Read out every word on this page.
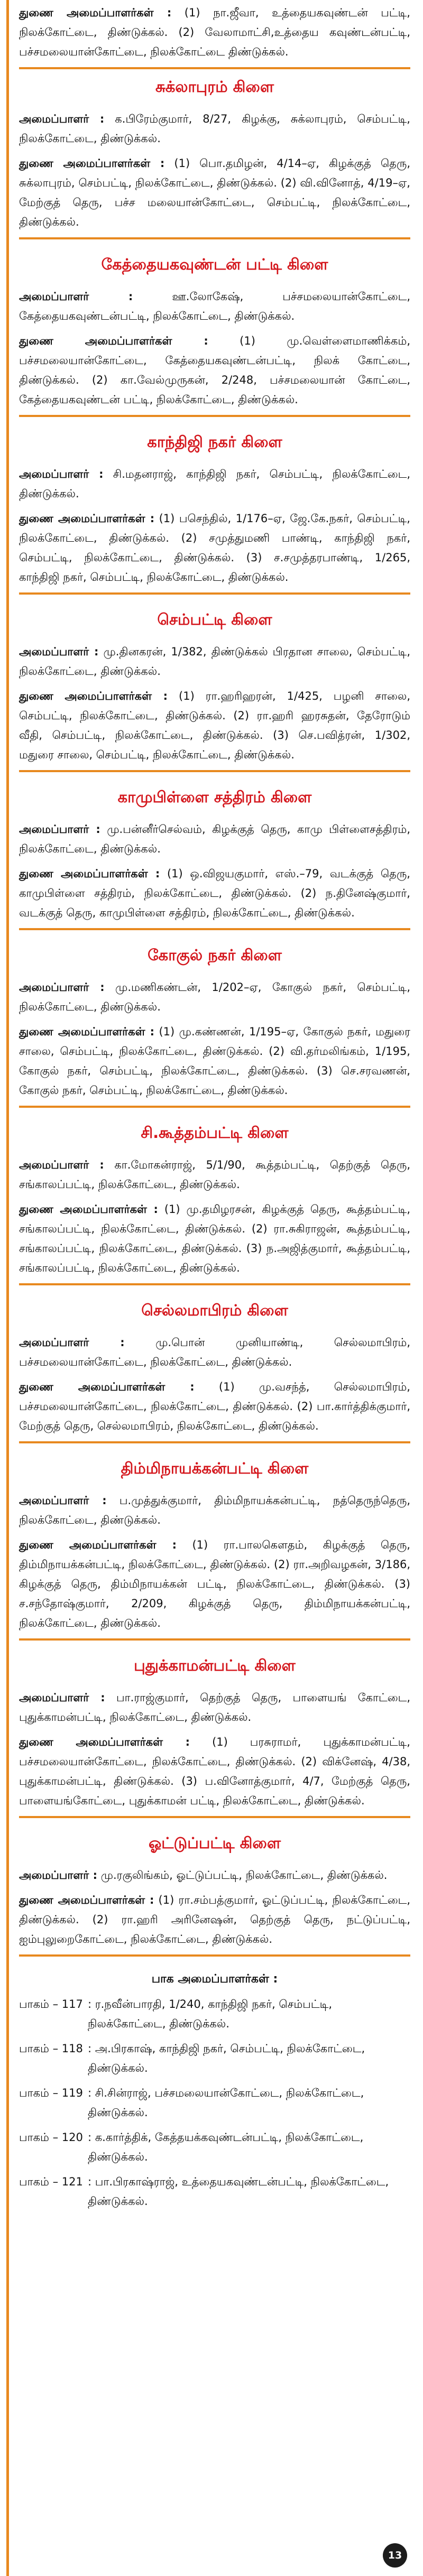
துணை அமைப்பாளர்கள் : (1) நா.ஜீவா, உத்தையகவுண்டன் பட்டி, நிலக்கோட்டை, திண்டுக்கல். (2) வேலாமாட்சி,உத்தைய கவுண்டன்பட்டி, பச்சமலையான்கோட்டை, நிலக்கோட்டை திண்டுக்கல்.

சுக்லாபுரம் கிளை

அமைப்பாளர் : க.பிரேம்குமார், 8/27, கிழக்கு, சுக்லாபுரம், செம்பட்டி, நிலக்கோட்டை, திண்டுக்கல்.

துணை அமைப்பாளர்கள் : (1) பொ.தமிழன், 4/14–ஏ, கிழக்குத் தெரு, சுக்லாபுரம், செம்பட்டி, நிலக்கோட்டை, திண்டுக்கல். (2) வி.வினோத், 4/19–ஏ, மேற்குத் தெரு, பச்ச மலையான்கோட்டை, செம்பட்டி, நிலக்கோட்டை, திண்டுக்கல்.

கேத்தையகவுண்டன் பட்டி கிளை

அமைப்பாளர் :	ஊ.லோகேஷ், பச்சமலையான்கோட்டை, கேத்தையகவுண்டன்பட்டி, நிலக்கோட்டை, திண்டுக்கல்.

துணை அமைப்பாளர்கள் :	(1) மு.வெள்ளைமாணிக்கம், பச்சமலையான்கோட்டை, கேத்தையகவுண்டன்பட்டி, நிலக் கோட்டை, திண்டுக்கல். (2) கா.வேல்முருகன், 2/248, பச்சமலையான் கோட்டை, கேத்தையகவுண்டன் பட்டி, நிலக்கோட்டை, திண்டுக்கல்.

காந்திஜி நகர் கிளை

அமைப்பாளர் : சி.மதனராஜ், காந்திஜி நகர், செம்பட்டி, நிலக்கோட்டை, திண்டுக்கல்.

துணை அமைப்பாளர்கள் : (1) பசெந்தில், 1/176–ஏ, ஜே.கே.நகர், செம்பட்டி, நிலக்கோட்டை, திண்டுக்கல். (2) சமுத்துமணி பாண்டி, காந்திஜி நகர், செம்பட்டி, நிலக்கோட்டை, திண்டுக்கல். (3) ச.சமுத்தரபாண்டி, 1/265, காந்திஜி நகர், செம்பட்டி, நிலக்கோட்டை, திண்டுக்கல்.

செம்பட்டி கிளை

அமைப்பாளர் : மு.தினகரன், 1/382, திண்டுக்கல் பிரதான சாலை, செம்பட்டி, நிலக்கோட்டை, திண்டுக்கல்.

துணை அமைப்பாளர்கள் : (1) ரா.ஹரிஹரன், 1/425, பழனி சாலை, செம்பட்டி, நிலக்கோட்டை, திண்டுக்கல். (2) ரா.ஹரி ஹரசுதன், தேரோடும் வீதி, செம்பட்டி, நிலக்கோட்டை, திண்டுக்கல். (3) செ.பவித்ரன், 1/302, மதுரை சாலை, செம்பட்டி, நிலக்கோட்டை, திண்டுக்கல்.

காமுபிள்ளை சத்திரம் கிளை

அமைப்பாளர் : மு.பன்னீர்செல்வம், கிழக்குத் தெரு, காமு பிள்ளைசத்திரம், நிலக்கோட்டை, திண்டுக்கல்.

துணை அமைப்பாளர்கள் : (1) ஒ.விஜயகுமார், எஸ்.–79, வடக்குத் தெரு, காமுபிள்ளை சத்திரம், நிலக்கோட்டை, திண்டுக்கல். (2) ந.தினேஷ்குமார், வடக்குத் தெரு, காமுபிள்ளை சத்திரம், நிலக்கோட்டை, திண்டுக்கல்.

கோகுல் நகர் கிளை

அமைப்பாளர் : மு.மணிகண்டன், 1/202–ஏ, கோகுல் நகர், செம்பட்டி, நிலக்கோட்டை, திண்டுக்கல்.

துணை அமைப்பாளர்கள் : (1) மு.கண்ணன், 1/195–ஏ, கோகுல் நகர், மதுரை சாலை, செம்பட்டி, நிலக்கோட்டை, திண்டுக்கல். (2) வி.தர்மலிங்கம், 1/195, கோகுல் நகர், செம்பட்டி, நிலக்கோட்டை, திண்டுக்கல். (3) செ.சரவணன், கோகுல் நகர், செம்பட்டி, நிலக்கோட்டை, திண்டுக்கல்.

சி.கூத்தம்பட்டி கிளை

அமைப்பாளர் : கா.மோகன்ராஜ், 5/1/90, கூத்தம்பட்டி, தெற்குத் தெரு, சங்காலப்பட்டி, நிலக்கோட்டை, திண்டுக்கல்.

துணை அமைப்பாளர்கள் : (1) மு.தமிழரசன், கிழக்குத் தெரு, கூத்தம்பட்டி, சங்காலப்பட்டி, நிலக்கோட்டை, திண்டுக்கல். (2) ரா.சுகிராஜன், கூத்தம்பட்டி, சங்காலப்பட்டி, நிலக்கோட்டை, திண்டுக்கல். (3) ந.அஜித்குமார், கூத்தம்பட்டி, சங்காலப்பட்டி, நிலக்கோட்டை, திண்டுக்கல்.

செல்லமாபிரம் கிளை

அமைப்பாளர் :	மு.பொன் முனியாண்டி, செல்லமாபிரம், பச்சமலையான்கோட்டை, நிலக்கோட்டை, திண்டுக்கல்.

துணை அமைப்பாளர்கள் : (1) மு.வசந்த், செல்லமாபிரம், பச்சமலையான்கோட்டை, நிலக்கோட்டை, திண்டுக்கல். (2) பா.கார்த்திக்குமார், மேற்குத் தெரு, செல்லமாபிரம், நிலக்கோட்டை, திண்டுக்கல்.

திம்மிநாயக்கன்பட்டி கிளை

அமைப்பாளர் : ப.முத்துக்குமார், திம்மிநாயக்கன்பட்டி, நத்தெருந்தெரு, நிலக்கோட்டை, திண்டுக்கல்.

துணை அமைப்பாளர்கள் : (1) ரா.பாலகௌதம், கிழக்குத் தெரு, திம்மிநாயக்கன்பட்டி, நிலக்கோட்டை, திண்டுக்கல். (2) ரா.அறிவழகன், 3/186, கிழக்குத் தெரு, திம்மிநாயக்கன் பட்டி, நிலக்கோட்டை, திண்டுக்கல். (3) ச.சந்தோஷ்குமார், 2/209, கிழக்குத் தெரு, திம்மிநாயக்கன்பட்டி, நிலக்கோட்டை, திண்டுக்கல்.

புதுக்காமன்பட்டி கிளை

அமைப்பாளர் : பா.ராஜ்குமார், தெற்குத் தெரு, பாளையங் கோட்டை, புதுக்காமன்பட்டி, நிலக்கோட்டை, திண்டுக்கல்.

துணை அமைப்பாளர்கள் : (1) பரசுராமர், புதுக்காமன்பட்டி, பச்சமலையான்கோட்டை, நிலக்கோட்டை, திண்டுக்கல். (2) விக்னேஷ், 4/38, புதுக்காமன்பட்டி, திண்டுக்கல். (3) ப.வினோத்குமார், 4/7, மேற்குத் தெரு, பாளையங்கோட்டை, புதுக்காமன் பட்டி, நிலக்கோட்டை, திண்டுக்கல்.

ஓட்டுப்பட்டி கிளை

அமைப்பாளர் : மு.ரகுலிங்கம், ஓட்டுப்பட்டி, நிலக்கோட்டை, திண்டுக்கல்.

துணை அமைப்பாளர்கள் : (1) ரா.சம்பத்குமார், ஓட்டுப்பட்டி, நிலக்கோட்டை, திண்டுக்கல். (2) ரா.ஹரி அரினேஷன், தெற்குத் தெரு, நட்டுப்பட்டி, ஐம்புலுறைகோட்டை, நிலக்கோட்டை, திண்டுக்கல்.

பாக அமைப்பாளர்கள் :
பாகம் – 117 : ர.நவீன்பாரதி, 1/240, காந்திஜி நகர், செம்பட்டி, நிலக்கோட்டை, திண்டுக்கல்.
பாகம் – 118 : அ.பிரகாஷ், காந்திஜி நகர், செம்பட்டி, நிலக்கோட்டை, திண்டுக்கல்.
பாகம் – 119 : சி.சின்ராஜ், பச்சமலையான்கோட்டை, நிலக்கோட்டை, திண்டுக்கல்.
பாகம் – 120 : க.கார்த்திக், கேத்தயக்கவுண்டன்பட்டி, நிலக்கோட்டை, திண்டுக்கல்.
பாகம் – 121 : பா.பிரகாஷ்ராஜ், உத்தையகவுண்டன்பட்டி, நிலக்கோட்டை, திண்டுக்கல்.
13
